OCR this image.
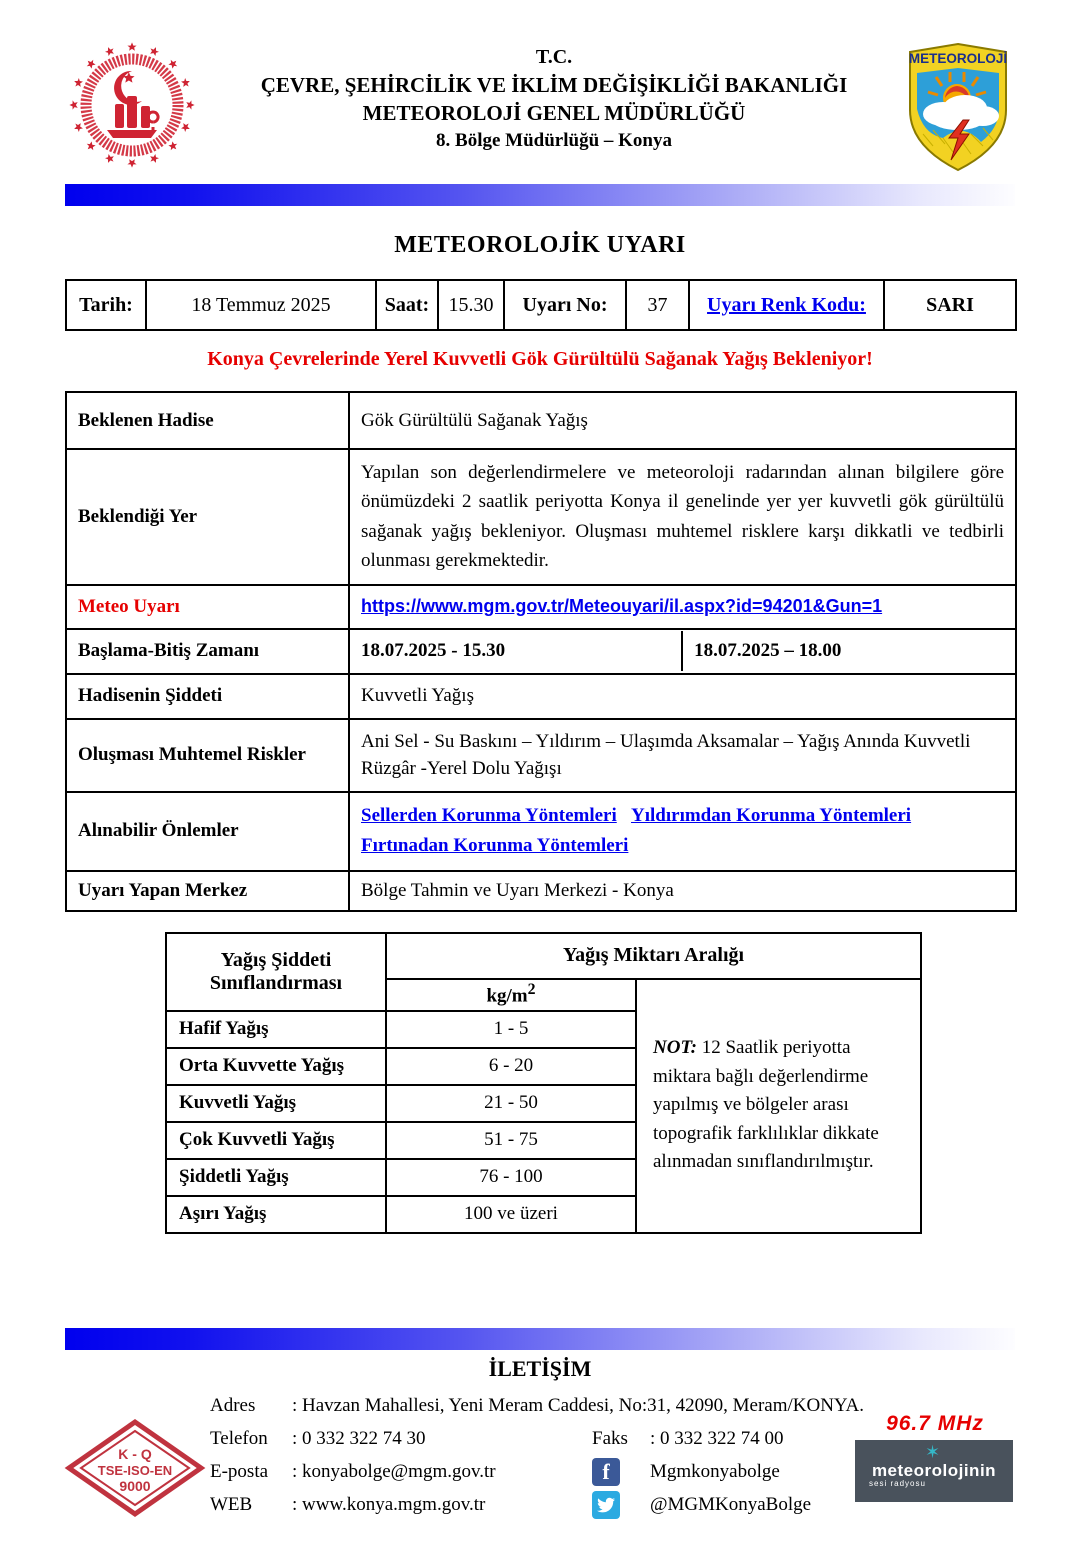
T.C.
ÇEVRE, ŞEHİRCİLİK VE İKLİM DEĞİŞİKLİĞİ BAKANLIĞI
METEOROLOJİ GENEL MÜDÜRLÜĞÜ
8. Bölge Müdürlüğü – Konya
METEOROLOJİ
METEOROLOJİK UYARI
Tarih:	18 Temmuz 2025	Saat:	15.30	Uyarı No:	37	Uyarı Renk Kodu:	SARI
Konya Çevrelerinde Yerel Kuvvetli Gök Gürültülü Sağanak Yağış Bekleniyor!
Beklenen Hadise	Gök Gürültülü Sağanak Yağış
Beklendiği Yer	Yapılan son değerlendirmelere ve meteoroloji radarından alınan bilgilere göre önümüzdeki 2 saatlik periyotta Konya il genelinde yer yer kuvvetli gök gürültülü sağanak yağış bekleniyor. Oluşması muhtemel risklere karşı dikkatli ve tedbirli olunması gerekmektedir.
Meteo Uyarı	https://www.mgm.gov.tr/Meteouyari/il.aspx?id=94201&Gun=1
Başlama-Bitiş Zamanı	18.07.2025 - 15.30 18.07.2025 – 18.00

Hadisenin Şiddeti	Kuvvetli Yağış
Oluşması Muhtemel Riskler	Ani Sel - Su Baskını – Yıldırım – Ulaşımda Aksamalar – Yağış Anında Kuvvetli Rüzgâr -Yerel Dolu Yağışı
Alınabilir Önlemler	Sellerden Korunma Yöntemleri Yıldırımdan Korunma Yöntemleri
Fırtınadan Korunma Yöntemleri

Uyarı Yapan Merkez	Bölge Tahmin ve Uyarı Merkezi - Konya
Yağış Şiddeti Sınıflandırması	Yağış Miktarı Aralığı	
	$kg/m^2$	NOT: 12 Saatlik periyotta miktara bağlı değerlendirme yapılmış ve bölgeler arası topografik farklılıklar dikkate alınmadan sınıflandırılmıştır.
Hafif Yağış	1 - 5	
Orta Kuvvette Yağış	6 - 20	
Kuvvetli Yağış	21 - 50	
Çok Kuvvetli Yağış	51 - 75	
Şiddetli Yağış	76 - 100	
Aşırı Yağış	100 ve üzeri	
İLETİŞİM
K - Q
TSE-ISO-EN
9000
Adres	: Havzan Mahallesi, Yeni Meram Caddesi, No:31, 42090, Meram/KONYA.
Telefon	: 0 332 322 74 30	Faks	: 0 332 322 74 00
E-posta	: konyabolge@mgm.gov.tr	f	Mgmkonyabolge
WEB	: www.konya.mgm.gov.tr	@MGMKonyaBolge
96.7 MHz
✶
meteorolojinin
sesi radyosu
